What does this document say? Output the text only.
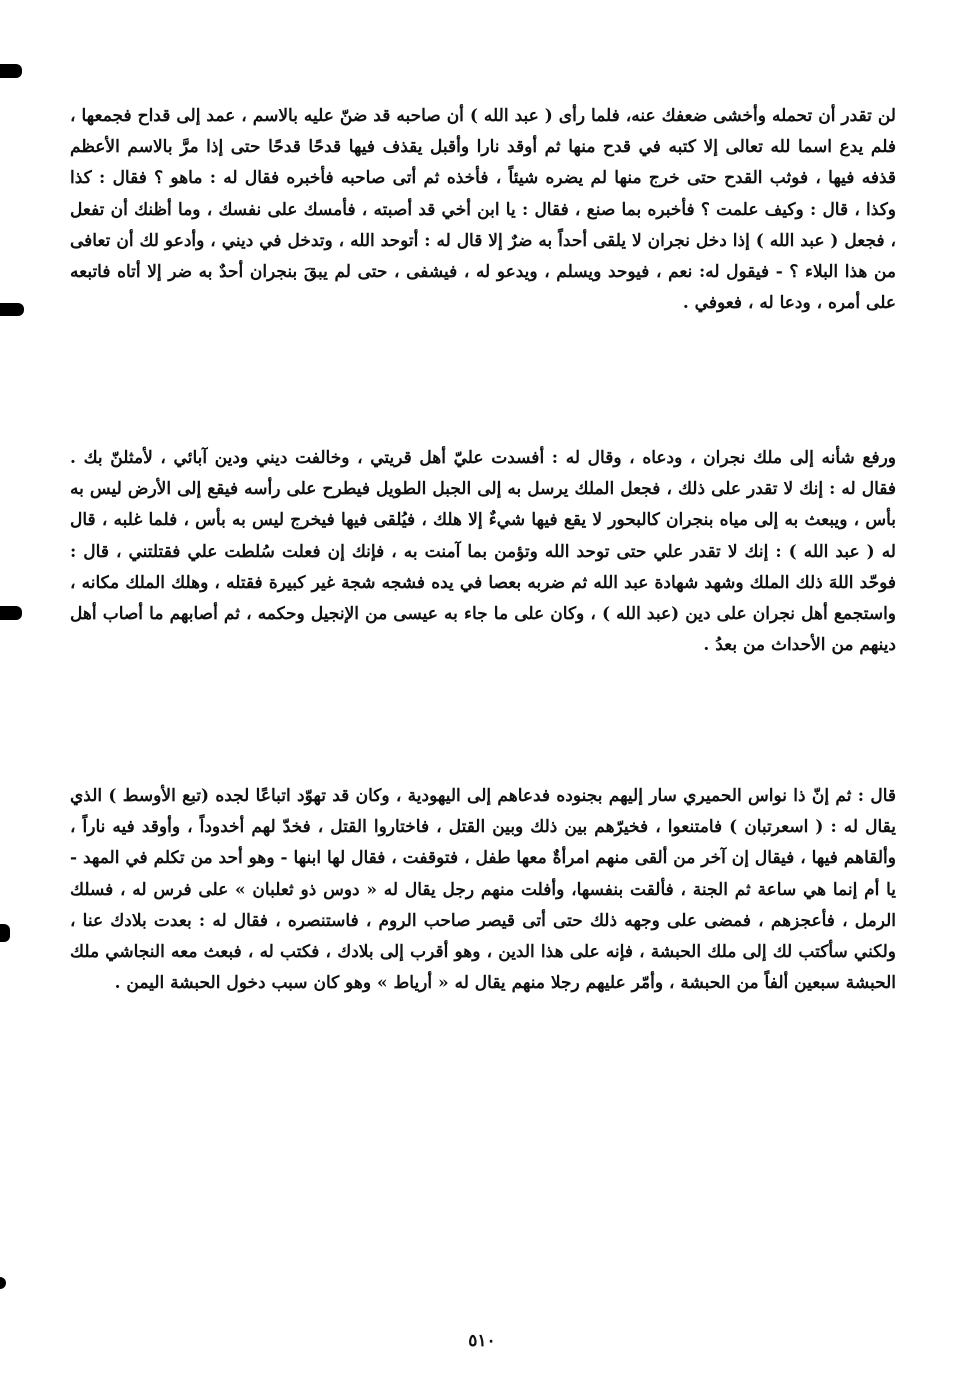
لن تقدر أن تحمله وأخشى ضعفك عنه، فلما رأى ( عبد الله ) أن صاحبه قد ضنّ عليه بالاسم ، عمد إلى قداح فجمعها ، فلم يدع اسما لله تعالى إلا كتبه في قدح منها ثم أوقد نارا وأقبل يقذف فيها قدحًا قدحًا حتى إذا مرَّ بالاسم الأعظم قذفه فيها ، فوثب القدح حتى خرج منها لم يضره شيئاً ، فأخذه ثم أتى صاحبه فأخبره فقال له : ماهو ؟ فقال : كذا وكذا ، قال : وكيف علمت ؟ فأخبره بما صنع ، فقال : يا ابن أخي قد أصبته ، فأمسك على نفسك ، وما أظنك أن تفعل ، فجعل ( عبد الله ) إذا دخل نجران لا يلقى أحداً به ضرٌ إلا قال له : أتوحد الله ، وتدخل في ديني ، وأدعو لك أن تعافى من هذا البلاء ؟ - فيقول له: نعم ، فيوحد ويسلم ، ويدعو له ، فيشفى ، حتى لم يبقَ بنجران أحدٌ به ضر إلا أتاه فاتبعه على أمره ، ودعا له ، فعوفي .

ورفع شأنه إلى ملك نجران ، ودعاه ، وقال له : أفسدت عليّ أهل قريتي ، وخالفت ديني ودين آبائي ، لأمثلنّ بك . فقال له : إنك لا تقدر على ذلك ، فجعل الملك يرسل به إلى الجبل الطويل فيطرح على رأسه فيقع إلى الأرض ليس به بأس ، ويبعث به إلى مياه بنجران كالبحور لا يقع فيها شيءٌ إلا هلك ، فيُلقى فيها فيخرج ليس به بأس ، فلما غلبه ، قال له ( عبد الله ) : إنك لا تقدر علي حتى توحد الله وتؤمن بما آمنت به ، فإنك إن فعلت سُلطت علي فقتلتني ، قال : فوحّد اللهَ ذلك الملك وشهد شهادة عبد الله ثم ضربه بعصا في يده فشجه شجة غير كبيرة فقتله ، وهلك الملك مكانه ، واستجمع أهل نجران على دين (عبد الله ) ، وكان على ما جاء به عيسى من الإنجيل وحكمه ، ثم أصابهم ما أصاب أهل دينهم من الأحداث من بعدُ .

قال : ثم إنّ ذا نواس الحميري سار إليهم بجنوده فدعاهم إلى اليهودية ، وكان قد تهوّد اتباعًا لجده (تبع الأوسط ) الذي يقال له : ( اسعرتبان ) فامتنعوا ، فخيرّهم بين ذلك وبين القتل ، فاختاروا القتل ، فخدّ لهم أخدوداً ، وأوقد فيه ناراً ، وألقاهم فيها ، فيقال إن آخر من ألقى منهم امرأةٌ معها طفل ، فتوقفت ، فقال لها ابنها - وهو أحد من تكلم في المهد - يا أم إنما هي ساعة ثم الجنة ، فألقت بنفسها، وأفلت منهم رجل يقال له « دوس ذو ثعلبان » على فرس له ، فسلك الرمل ، فأعجزهم ، فمضى على وجهه ذلك حتى أتى قيصر صاحب الروم ، فاستنصره ، فقال له : بعدت بلادك عنا ، ولكني سأكتب لك إلى ملك الحبشة ، فإنه على هذا الدين ، وهو أقرب إلى بلادك ، فكتب له ، فبعث معه النجاشي ملك الحبشة سبعين ألفاً من الحبشة ، وأمّر عليهم رجلا منهم يقال له « أرياط » وهو كان سبب دخول الحبشة اليمن .

٥١٠
